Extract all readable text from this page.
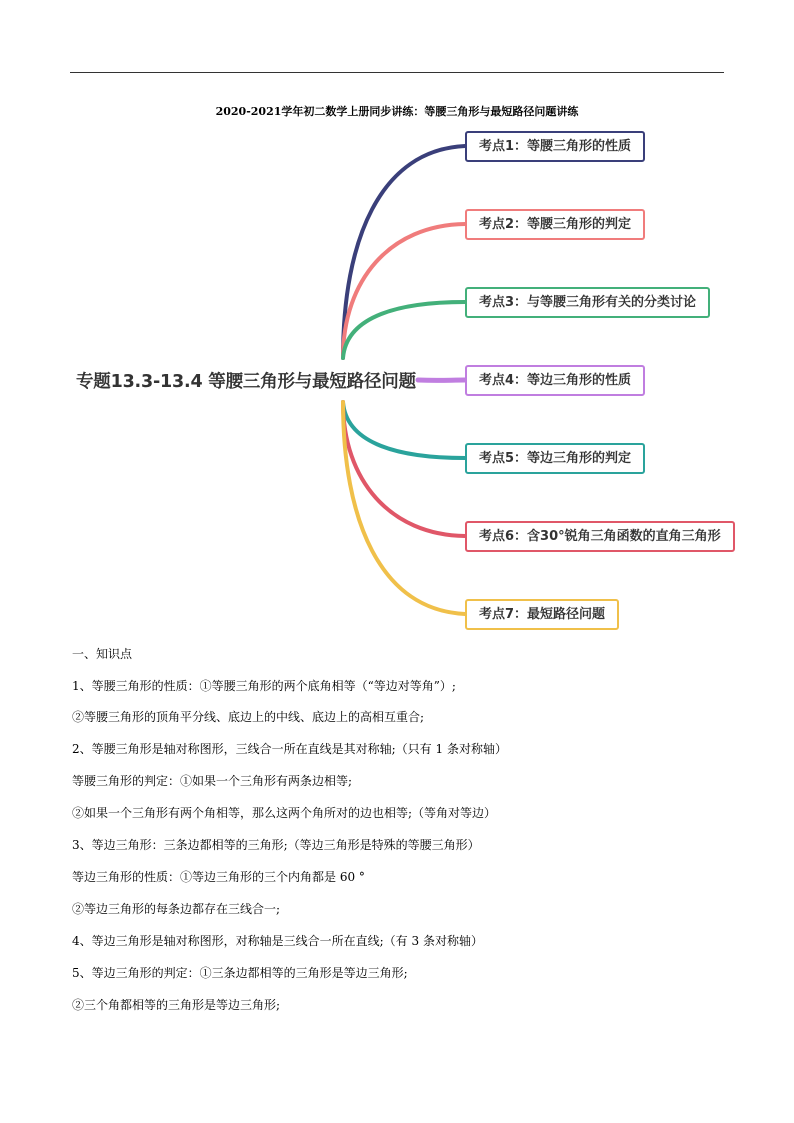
2020-2021学年初二数学上册同步讲练：等腰三角形与最短路径问题讲练
专题13.3-13.4 等腰三角形与最短路径问题
考点1：等腰三角形的性质
考点2：等腰三角形的判定
考点3：与等腰三角形有关的分类讨论
考点4：等边三角形的性质
考点5：等边三角形的判定
考点6：含30°锐角三角函数的直角三角形
考点7：最短路径问题
一、知识点
1、等腰三角形的性质：①等腰三角形的两个底角相等（“等边对等角”）;
②等腰三角形的顶角平分线、底边上的中线、底边上的高相互重合;
2、等腰三角形是轴对称图形，三线合一所在直线是其对称轴;（只有 1 条对称轴）
等腰三角形的判定：①如果一个三角形有两条边相等;
②如果一个三角形有两个角相等，那么这两个角所对的边也相等;（等角对等边）
3、等边三角形：三条边都相等的三角形;（等边三角形是特殊的等腰三角形）
等边三角形的性质：①等边三角形的三个内角都是 60 °
②等边三角形的每条边都存在三线合一;
4、等边三角形是轴对称图形，对称轴是三线合一所在直线;（有 3 条对称轴）
5、等边三角形的判定：①三条边都相等的三角形是等边三角形;
②三个角都相等的三角形是等边三角形;
